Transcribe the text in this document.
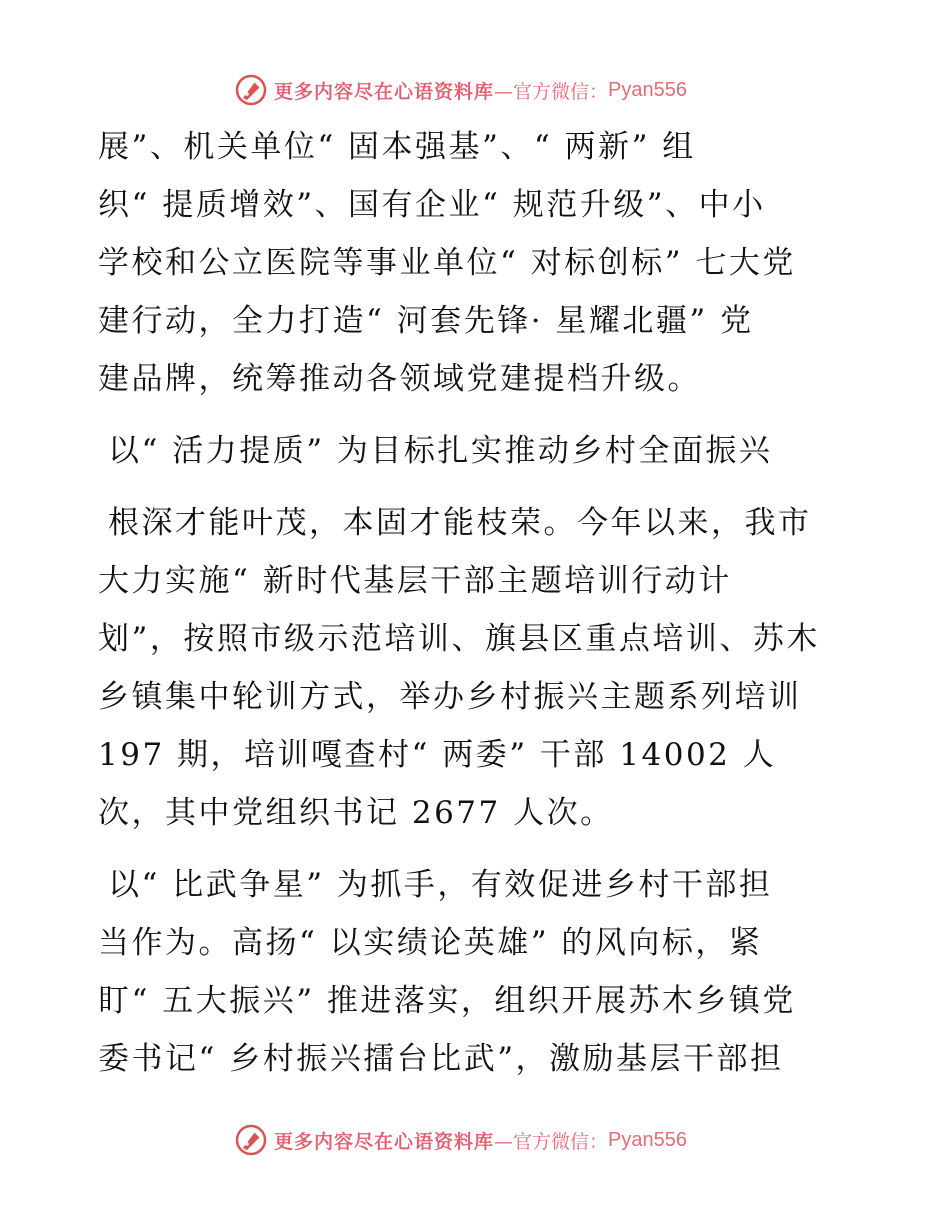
更多内容尽在心语资料库 —官方微信： Pyan556
展”、机关单位“ 固本强基”、“ 两新” 组
织“ 提质增效”、国有企业“ 规范升级”、中小
学校和公立医院等事业单位“ 对标创标” 七大党
建行动，全力打造“ 河套先锋· 星耀北疆” 党
建品牌，统筹推动各领域党建提档升级。
以“ 活力提质” 为目标扎实推动乡村全面振兴
根深才能叶茂，本固才能枝荣。今年以来，我市
大力实施“ 新时代基层干部主题培训行动计
划”，按照市级示范培训、旗县区重点培训、苏木
乡镇集中轮训方式，举办乡村振兴主题系列培训
197 期，培训嘎查村“ 两委” 干部 14002 人
次，其中党组织书记 2677 人次。
以“ 比武争星” 为抓手，有效促进乡村干部担
当作为。高扬“ 以实绩论英雄” 的风向标，紧
盯“ 五大振兴” 推进落实，组织开展苏木乡镇党
委书记“ 乡村振兴擂台比武”，激励基层干部担
更多内容尽在心语资料库 —官方微信： Pyan556
